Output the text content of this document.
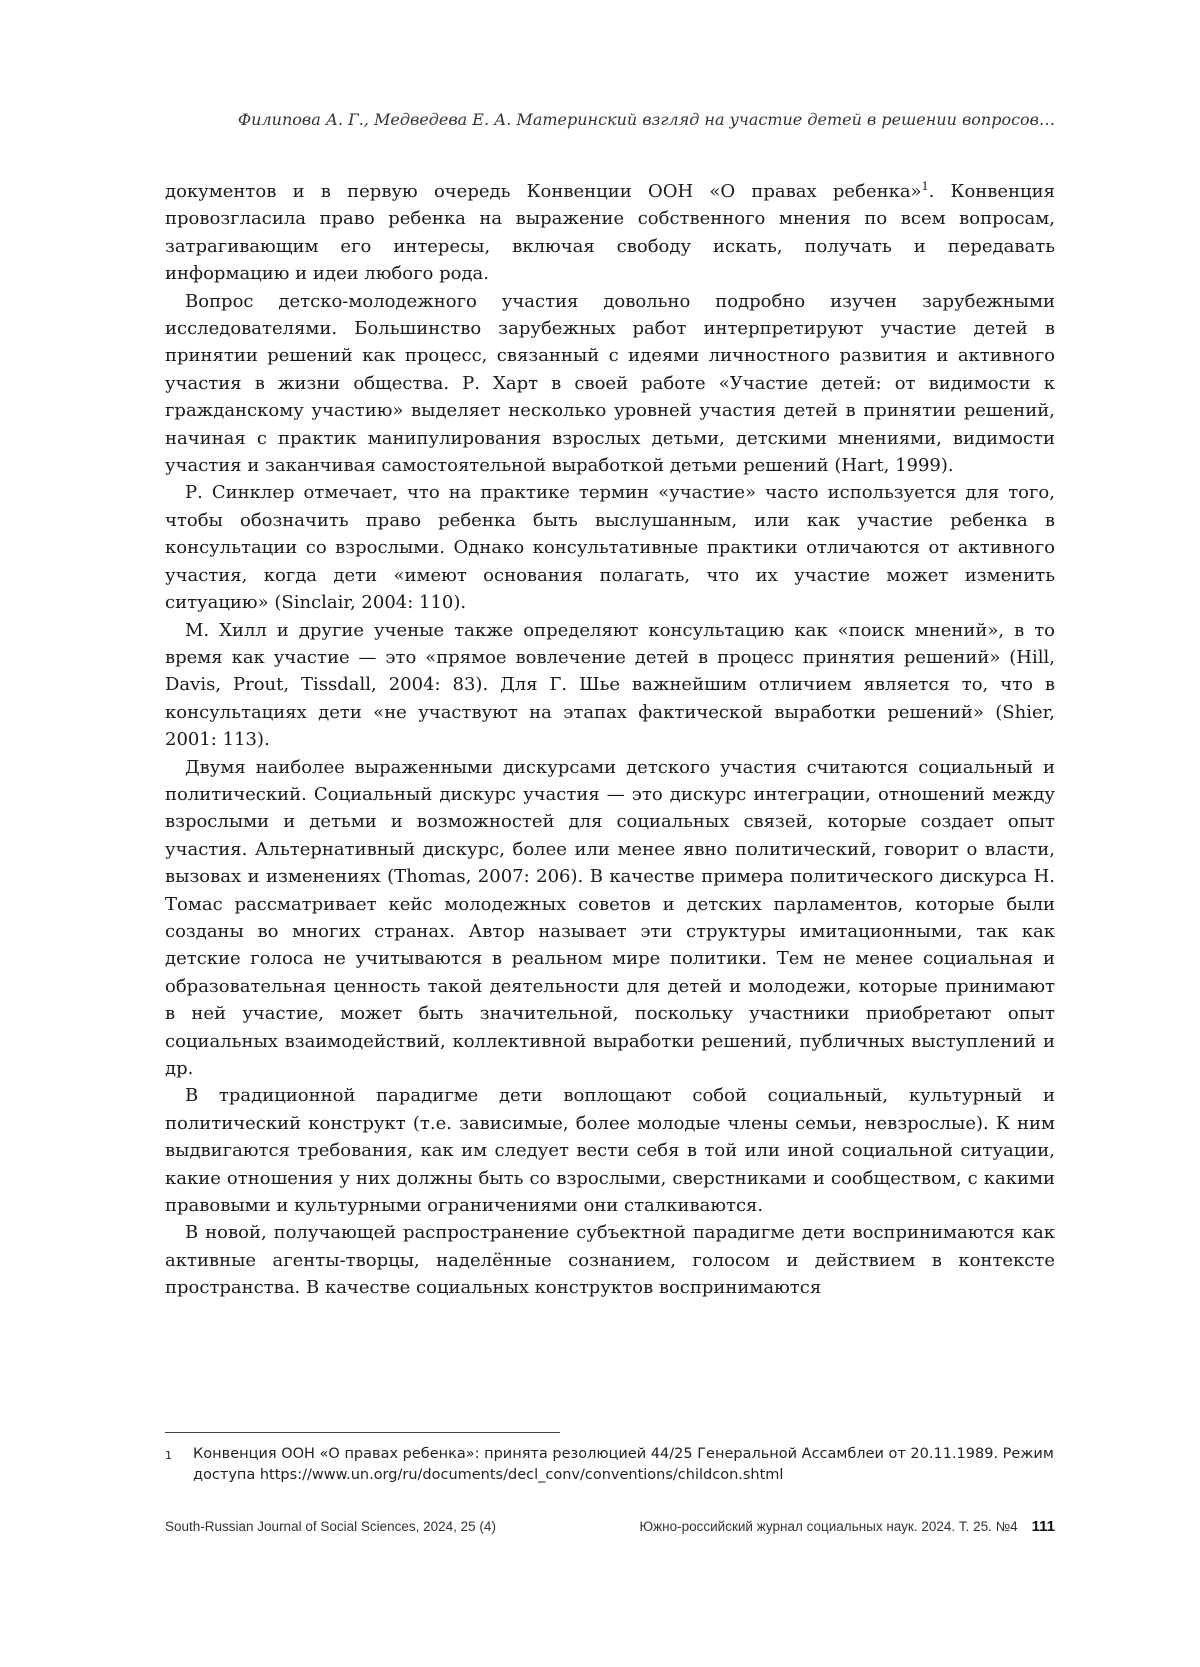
Филипова А. Г., Медведева Е. А. Материнский взгляд на участие детей в решении вопросов…

документов и в первую очередь Конвенции ООН «О правах ребенка»$^1$. Конвенция провозгласила право ребенка на выражение собственного мнения по всем вопросам, затрагивающим его интересы, включая свободу искать, получать и передавать информацию и идеи любого рода.

Вопрос детско-молодежного участия довольно подробно изучен зарубежными исследователями. Большинство зарубежных работ интерпретируют участие детей в принятии решений как процесс, связанный с идеями личностного развития и активного участия в жизни общества. Р. Харт в своей работе «Участие детей: от видимости к гражданскому участию» выделяет несколько уровней участия детей в принятии решений, начиная с практик манипулирования взрослых детьми, детскими мнениями, видимости участия и заканчивая самостоятельной выработкой детьми решений (Hart, 1999).

Р. Синклер отмечает, что на практике термин «участие» часто используется для того, чтобы обозначить право ребенка быть выслушанным, или как участие ребенка в консультации со взрослыми. Однако консультативные практики отличаются от активного участия, когда дети «имеют основания полагать, что их участие может изменить ситуацию» (Sinclair, 2004: 110).

М. Хилл и другие ученые также определяют консультацию как «поиск мнений», в то время как участие — это «прямое вовлечение детей в процесс принятия решений» (Hill, Davis, Prout, Tissdall, 2004: 83). Для Г. Шье важнейшим отличием является то, что в консультациях дети «не участвуют на этапах фактической выработки решений» (Shier, 2001: 113).

Двумя наиболее выраженными дискурсами детского участия считаются социальный и политический. Социальный дискурс участия — это дискурс интеграции, отношений между взрослыми и детьми и возможностей для социальных связей, которые создает опыт участия. Альтернативный дискурс, более или менее явно политический, говорит о власти, вызовах и изменениях (Thomas, 2007: 206). В качестве примера политического дискурса Н. Томас рассматривает кейс молодежных советов и детских парламентов, которые были созданы во многих странах. Автор называет эти структуры имитационными, так как детские голоса не учитываются в реальном мире политики. Тем не менее социальная и образовательная ценность такой деятельности для детей и молодежи, которые принимают в ней участие, может быть значительной, поскольку участники приобретают опыт социальных взаимодействий, коллективной выработки решений, публичных выступлений и др.

В традиционной парадигме дети воплощают собой социальный, культурный и политический конструкт (т.е. зависимые, более молодые члены семьи, невзрослые). К ним выдвигаются требования, как им следует вести себя в той или иной социальной ситуации, какие отношения у них должны быть со взрослыми, сверстниками и сообществом, с какими правовыми и культурными ограничениями они сталкиваются.

В новой, получающей распространение субъектной парадигме дети воспринимаются как активные агенты-творцы, наделённые сознанием, голосом и действием в контексте пространства. В качестве социальных конструктов воспринимаются

1	Конвенция ООН «О правах ребенка»: принята резолюцией 44/25 Генеральной Ассамблеи от 20.11.1989. Режим доступа https://www.un.org/ru/documents/decl_conv/conventions/childcon.shtml
South-Russian Journal of Social Sciences, 2024, 25 (4)	Южно-российский журнал социальных наук. 2024. Т. 25. №4 111
